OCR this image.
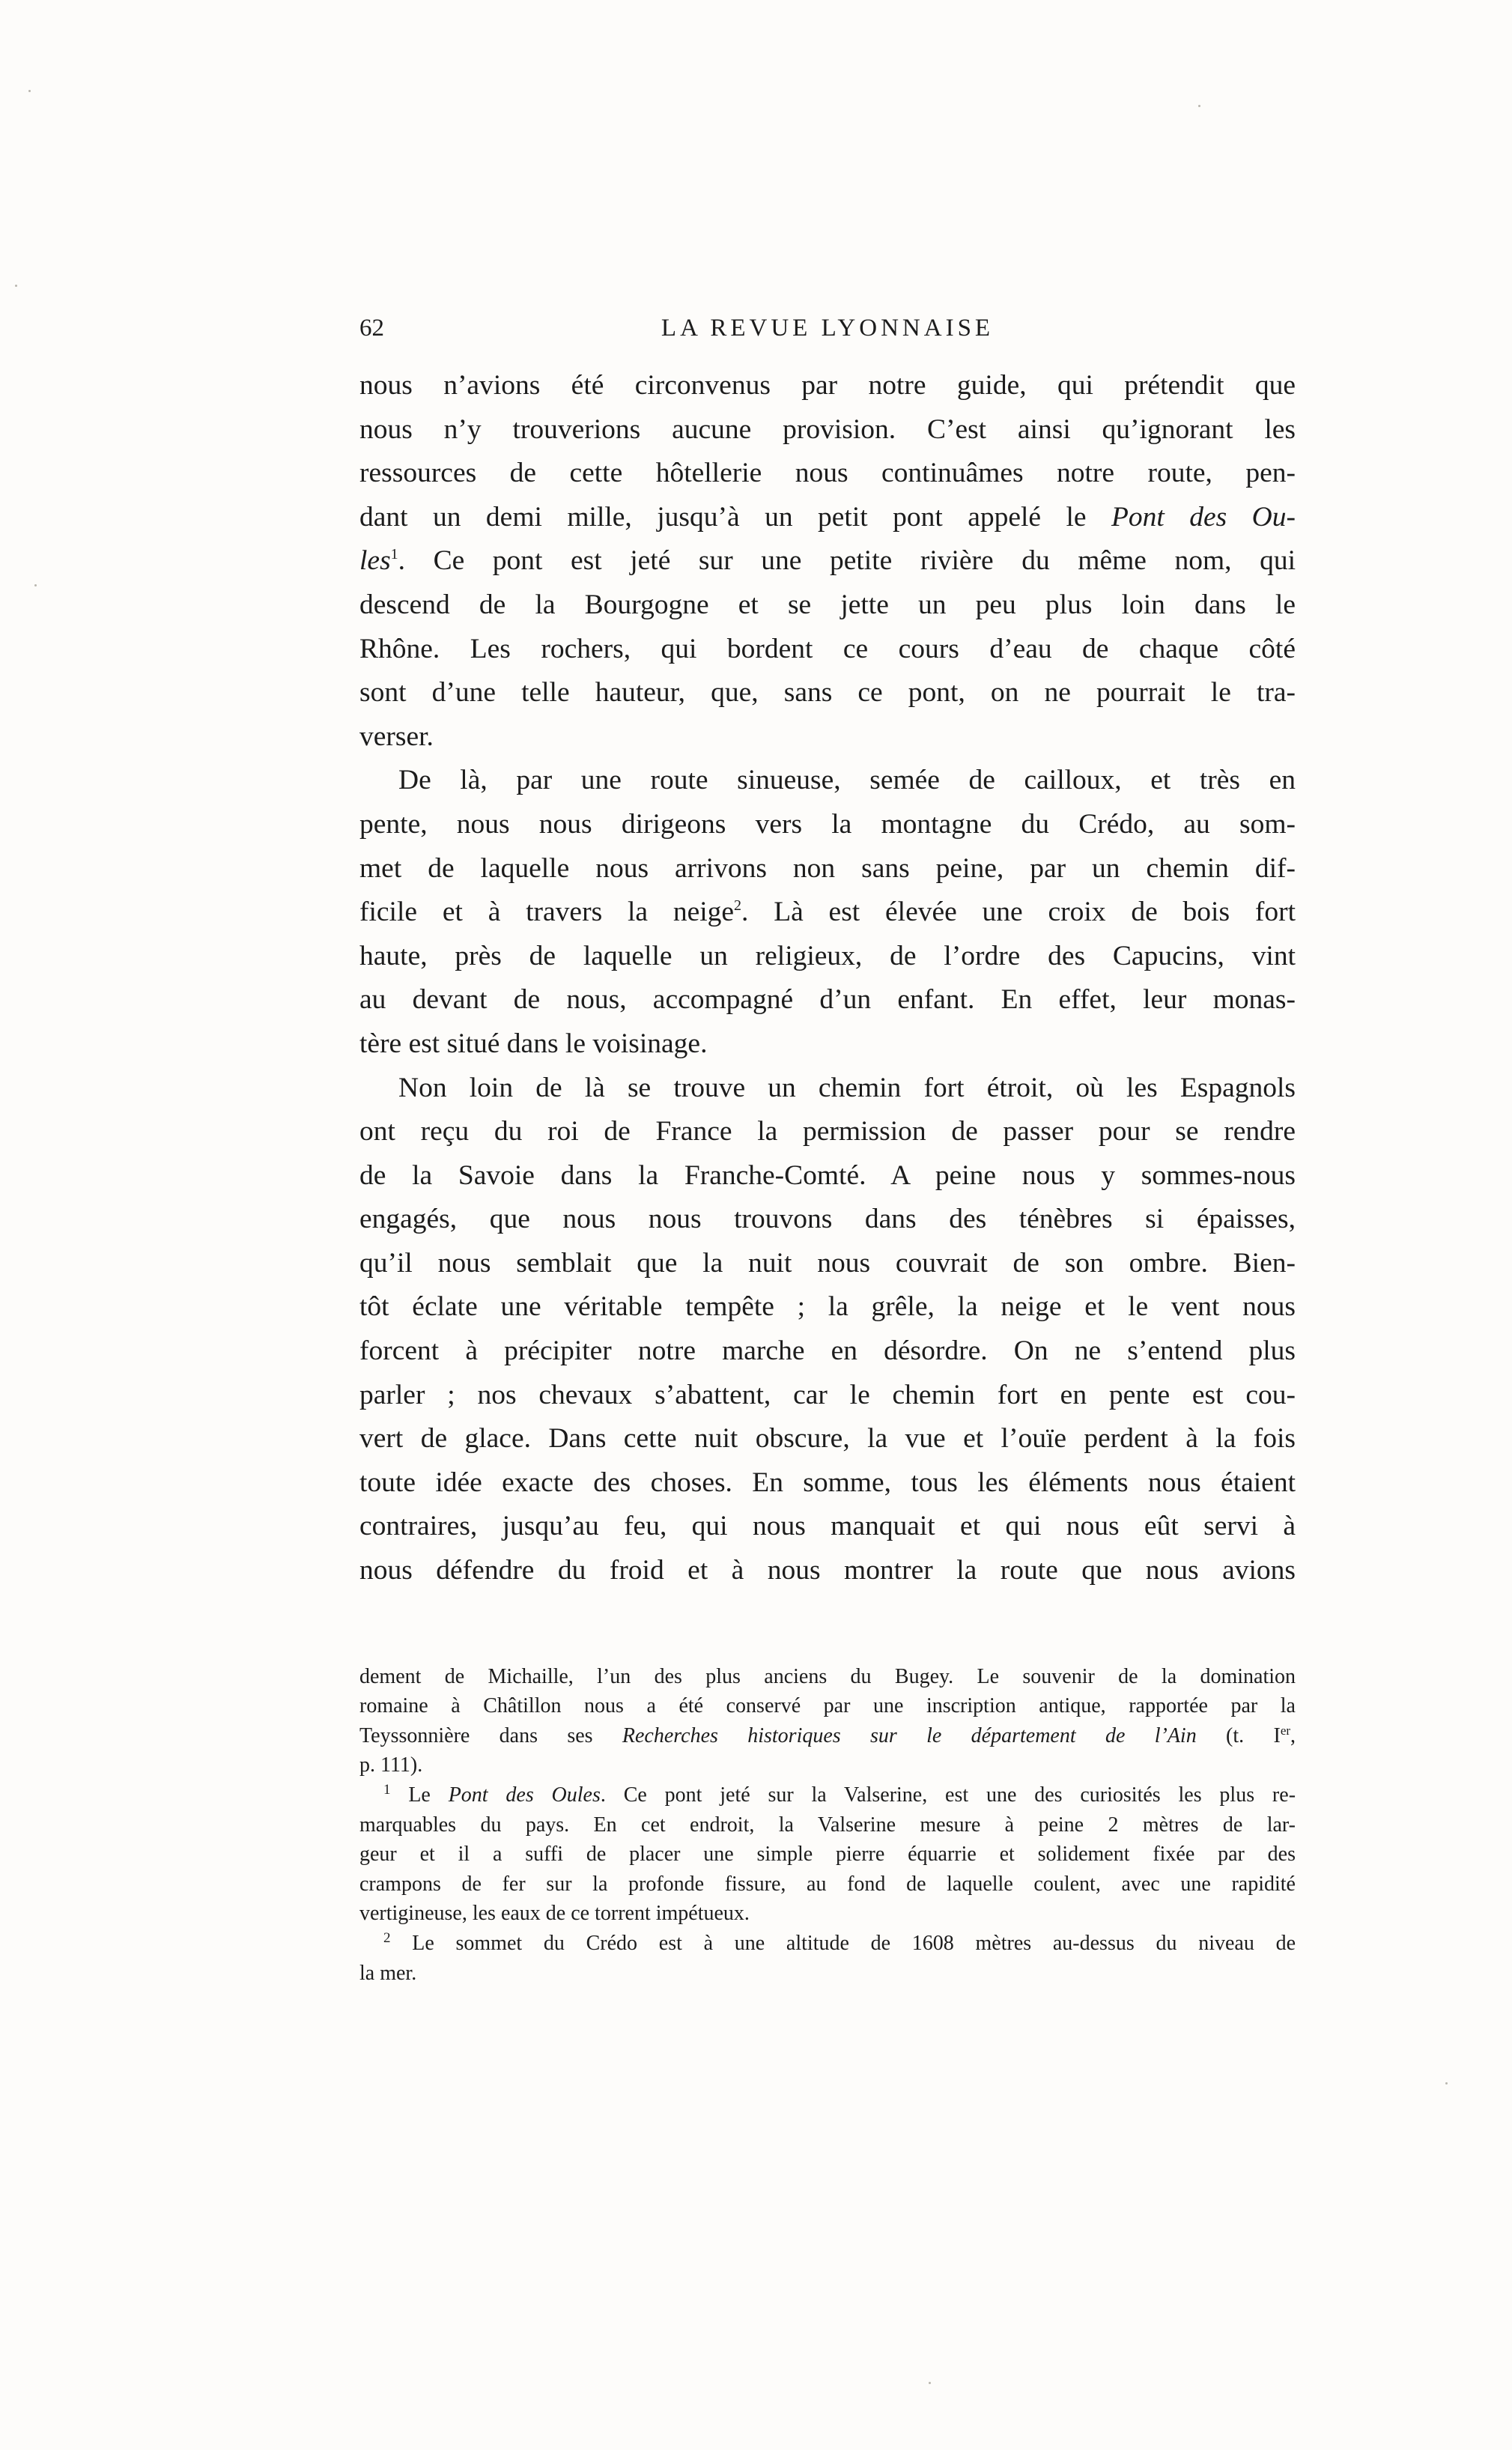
LA REVUE LYONNAISE
62

nous n’avions été circonvenus par notre guide, qui prétendit que
nous n’y trouverions aucune provision. C’est ainsi qu’ignorant les
ressources de cette hôtellerie nous continuâmes notre route, pen-
dant un demi mille, jusqu’à un petit pont appelé le Pont des Ou-
les$^1$. Ce pont est jeté sur une petite rivière du même nom, qui
descend de la Bourgogne et se jette un peu plus loin dans le
Rhône. Les rochers, qui bordent ce cours d’eau de chaque côté
sont d’une telle hauteur, que, sans ce pont, on ne pourrait le tra-
verser.

De là, par une route sinueuse, semée de cailloux, et très en
pente, nous nous dirigeons vers la montagne du Crédo, au som-
met de laquelle nous arrivons non sans peine, par un chemin dif-
ficile et à travers la neige$^2$. Là est élevée une croix de bois fort
haute, près de laquelle un religieux, de l’ordre des Capucins, vint
au devant de nous, accompagné d’un enfant. En effet, leur monas-
tère est situé dans le voisinage.

Non loin de là se trouve un chemin fort étroit, où les Espagnols
ont reçu du roi de France la permission de passer pour se rendre
de la Savoie dans la Franche-Comté. A peine nous y sommes-nous
engagés, que nous nous trouvons dans des ténèbres si épaisses,
qu’il nous semblait que la nuit nous couvrait de son ombre. Bien-
tôt éclate une véritable tempête ; la grêle, la neige et le vent nous
forcent à précipiter notre marche en désordre. On ne s’entend plus
parler ; nos chevaux s’abattent, car le chemin fort en pente est cou-
vert de glace. Dans cette nuit obscure, la vue et l’ouïe perdent à la fois
toute idée exacte des choses. En somme, tous les éléments nous étaient
contraires, jusqu’au feu, qui nous manquait et qui nous eût servi à
nous défendre du froid et à nous montrer la route que nous avions

dement de Michaille, l’un des plus anciens du Bugey. Le souvenir de la domination
romaine à Châtillon nous a été conservé par une inscription antique, rapportée par la
Teyssonnière dans ses Recherches historiques sur le département de l’Ain (t. Ier,
p. 111).
$^1$ Le Pont des Oules. Ce pont jeté sur la Valserine, est une des curiosités les plus re-
marquables du pays. En cet endroit, la Valserine mesure à peine 2 mètres de lar-
geur et il a suffi de placer une simple pierre équarrie et solidement fixée par des
crampons de fer sur la profonde fissure, au fond de laquelle coulent, avec une rapidité
vertigineuse, les eaux de ce torrent impétueux.
$^2$ Le sommet du Crédo est à une altitude de 1608 mètres au-dessus du niveau de
la mer.
